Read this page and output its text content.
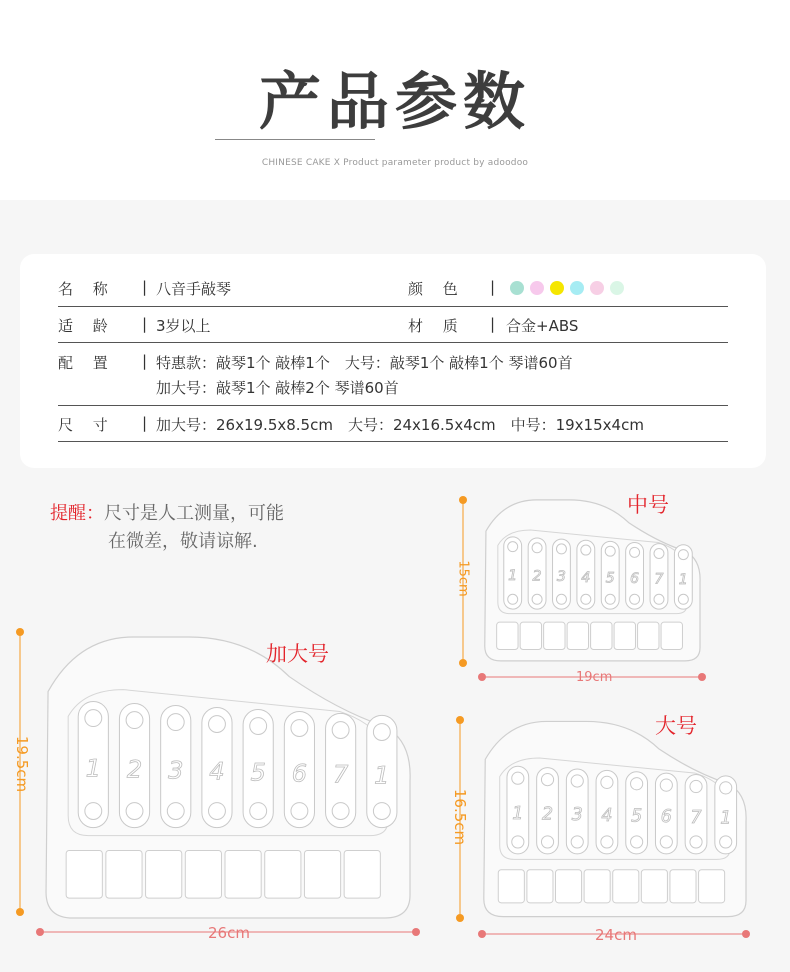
产品参数
CHINESE CAKE X Product parameter product by adoodoo
名　 称 | 八音手敲琴	颜　 色 |
适　 龄 | 3岁以上	材　 质 | 合金+ABS
配　 置 | 特惠款：敲琴1个 敲棒1个　大号：敲琴1个 敲棒1个 琴谱60首
加大号：敲琴1个 敲棒2个 琴谱60首
尺　 寸 | 加大号：26x19.5x8.5cm　大号：24x16.5x4cm　中号：19x15x4cm
提醒：尺寸是人工测量，可能
在微差，敬请谅解.
1 2 3 4 5 6 7 1
1 2 3 4 5 6 7 1
1 2 3 4 5 6 7 1
加大号
大号
中号
26cm
19.5cm
24cm
16.5cm
19cm
15cm
